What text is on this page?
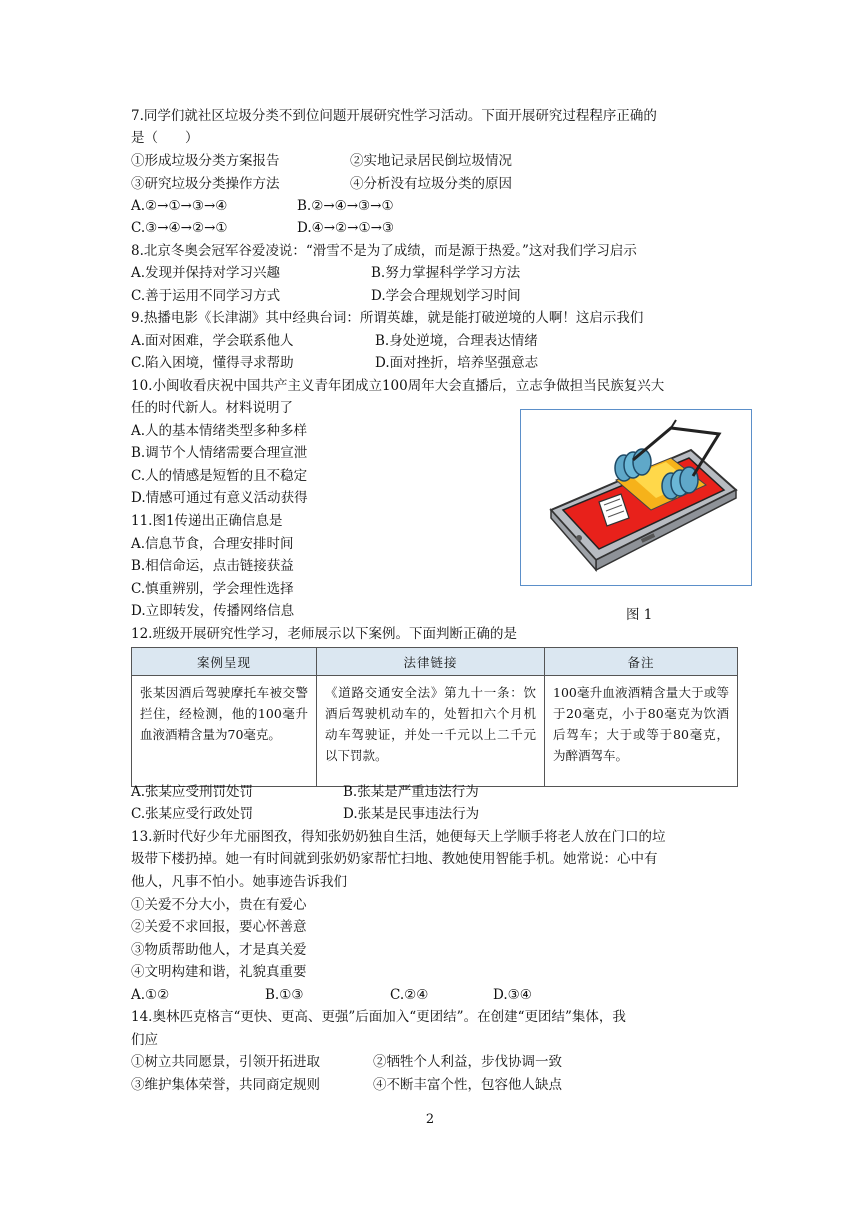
7.同学们就社区垃圾分类不到位问题开展研究性学习活动。下面开展研究过程程序正确的
是（　　）
①形成垃圾分类方案报告	②实地记录居民倒垃圾情况
③研究垃圾分类操作方法	④分析没有垃圾分类的原因
A.②→①→③→④	B.②→④→③→①
C.③→④→②→①	D.④→②→①→③
8.北京冬奥会冠军谷爱凌说：“滑雪不是为了成绩，而是源于热爱。”这对我们学习启示
A.发现并保持对学习兴趣	B.努力掌握科学学习方法
C.善于运用不同学习方式	D.学会合理规划学习时间
9.热播电影《长津湖》其中经典台词：所谓英雄，就是能打破逆境的人啊！这启示我们
A.面对困难，学会联系他人	B.身处逆境，合理表达情绪
C.陷入困境，懂得寻求帮助	D.面对挫折，培养坚强意志
10.小闽收看庆祝中国共产主义青年团成立100周年大会直播后，立志争做担当民族复兴大
任的时代新人。材料说明了
A.人的基本情绪类型多种多样
B.调节个人情绪需要合理宣泄
C.人的情感是短暂的且不稳定
D.情感可通过有意义活动获得
11.图1传递出正确信息是
A.信息节食，合理安排时间
B.相信命运，点击链接获益
C.慎重辨别，学会理性选择
D.立即转发，传播网络信息	图 1
12.班级开展研究性学习，老师展示以下案例。下面判断正确的是
案例呈现	法律链接	备注
张某因酒后驾驶摩托车被交警拦住，经检测，他的100毫升血液酒精含量为70毫克。	《道路交通安全法》第九十一条：饮酒后驾驶机动车的，处暂扣六个月机动车驾驶证，并处一千元以上二千元以下罚款。	100毫升血液酒精含量大于或等于20毫克，小于80毫克为饮酒后驾车；大于或等于80毫克，为醉酒驾车。
A.张某应受刑罚处罚	B.张某是严重违法行为
C.张某应受行政处罚	D.张某是民事违法行为
13.新时代好少年尤丽图孜，得知张奶奶独自生活，她便每天上学顺手将老人放在门口的垃
圾带下楼扔掉。她一有时间就到张奶奶家帮忙扫地、教她使用智能手机。她常说：心中有
他人，凡事不怕小。她事迹告诉我们
①关爱不分大小，贵在有爱心
②关爱不求回报，要心怀善意
③物质帮助他人，才是真关爱
④文明构建和谐，礼貌真重要
A.①②	B.①③	C.②④	D.③④
14.奥林匹克格言“更快、更高、更强”后面加入“更团结”。在创建“更团结”集体，我
们应
①树立共同愿景，引领开拓进取	②牺牲个人利益，步伐协调一致
③维护集体荣誉，共同商定规则	④不断丰富个性，包容他人缺点
2
